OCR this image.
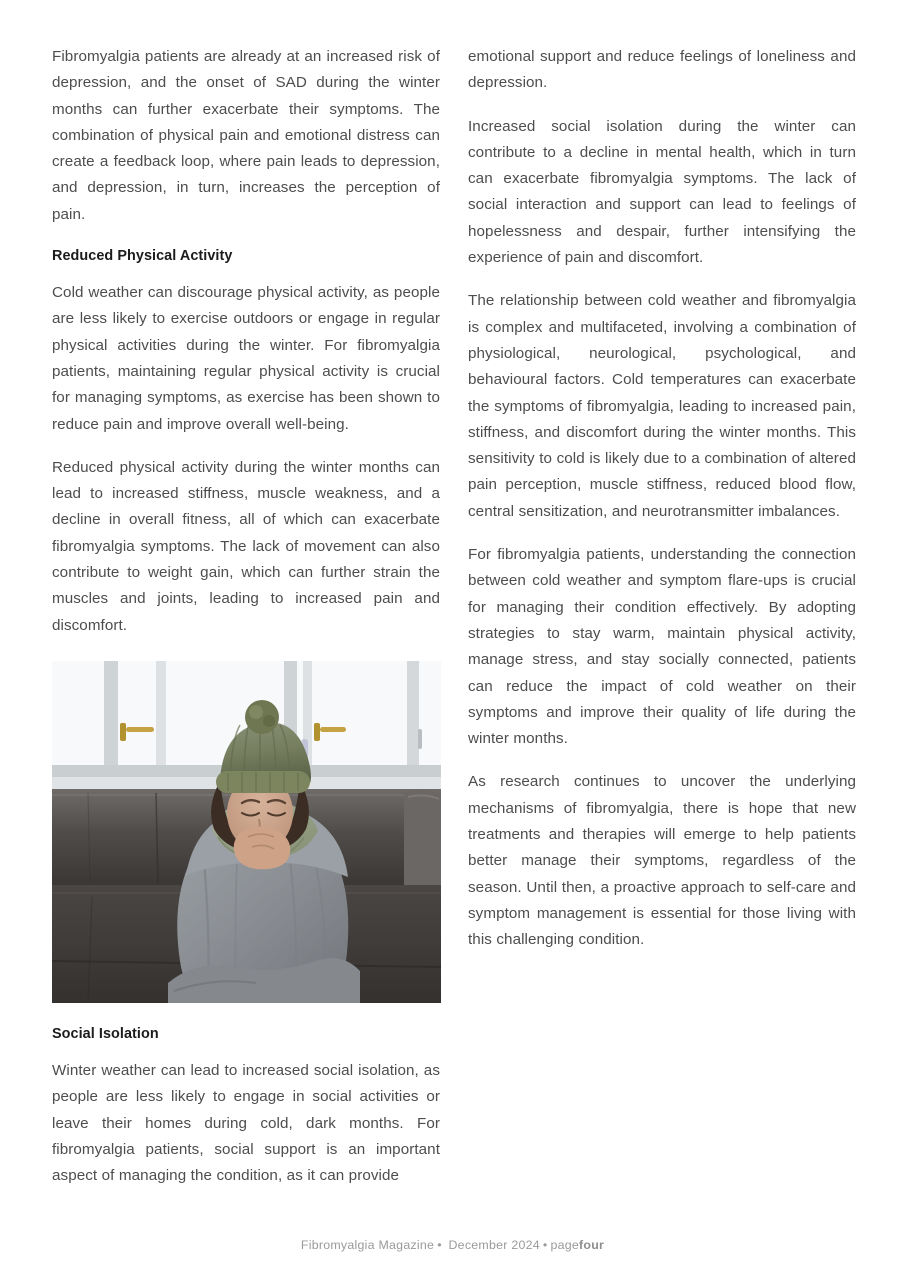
Fibromyalgia patients are already at an increased risk of depression, and the onset of SAD during the winter months can further exacerbate their symptoms. The combination of physical pain and emotional distress can create a feedback loop, where pain leads to depression, and depression, in turn, increases the perception of pain.

Reduced Physical Activity

Cold weather can discourage physical activity, as people are less likely to exercise outdoors or engage in regular physical activities during the winter. For fibromyalgia patients, maintaining regular physical activity is crucial for managing symptoms, as exercise has been shown to reduce pain and improve overall well-being.

Reduced physical activity during the winter months can lead to increased stiffness, muscle weakness, and a decline in overall fitness, all of which can exacerbate fibromyalgia symptoms. The lack of movement can also contribute to weight gain, which can further strain the muscles and joints, leading to increased pain and discomfort.

Social Isolation

Winter weather can lead to increased social isolation, as people are less likely to engage in social activities or leave their homes during cold, dark months. For fibromyalgia patients, social support is an important aspect of managing the condition, as it can provide

emotional support and reduce feelings of loneliness and depression.

Increased social isolation during the winter can contribute to a decline in mental health, which in turn can exacerbate fibromyalgia symptoms. The lack of social interaction and support can lead to feelings of hopelessness and despair, further intensifying the experience of pain and discomfort.

The relationship between cold weather and fibromyalgia is complex and multifaceted, involving a combination of physiological, neurological, psychological, and behavioural factors. Cold temperatures can exacerbate the symptoms of fibromyalgia, leading to increased pain, stiffness, and discomfort during the winter months. This sensitivity to cold is likely due to a combination of altered pain perception, muscle stiffness, reduced blood flow, central sensitization, and neurotransmitter imbalances.

For fibromyalgia patients, understanding the connection between cold weather and symptom flare-ups is crucial for managing their condition effectively. By adopting strategies to stay warm, maintain physical activity, manage stress, and stay socially connected, patients can reduce the impact of cold weather on their symptoms and improve their quality of life during the winter months.

As research continues to uncover the underlying mechanisms of fibromyalgia, there is hope that new treatments and therapies will emerge to help patients better manage their symptoms, regardless of the season. Until then, a proactive approach to self-care and symptom management is essential for those living with this challenging condition.

Fibromyalgia Magazine • December 2024 • pagefour
